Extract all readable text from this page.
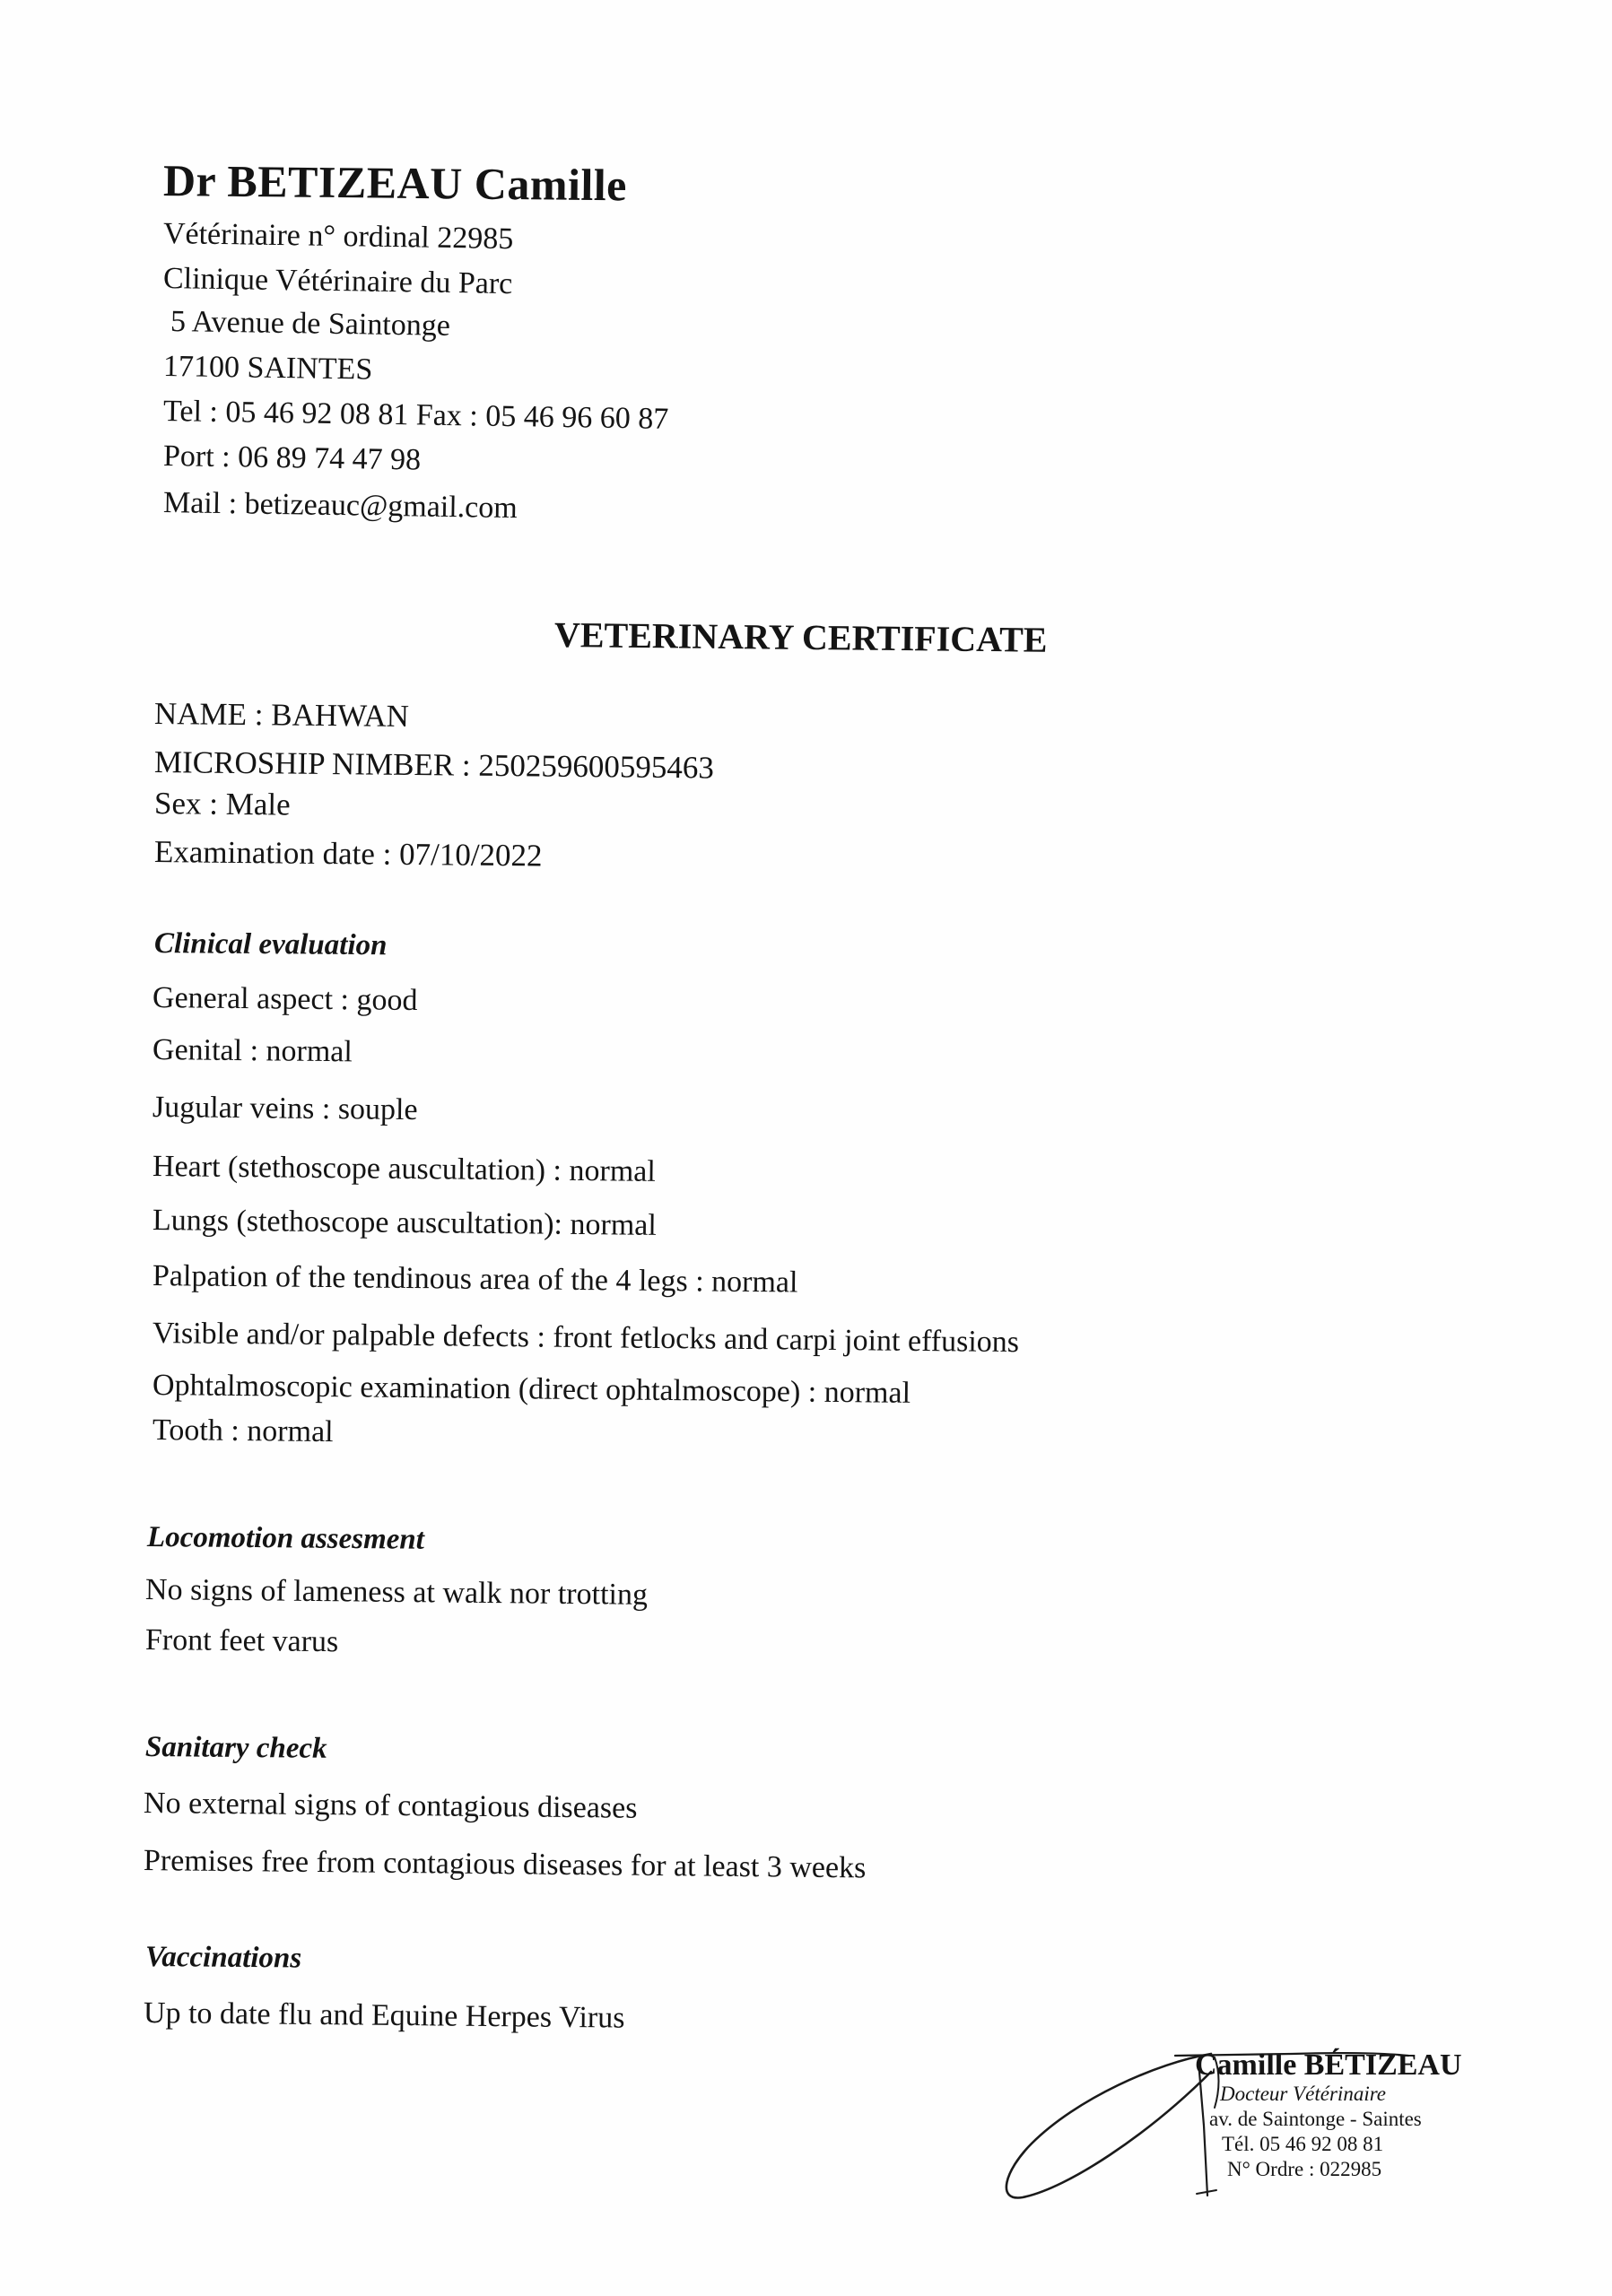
Dr BETIZEAU Camille
Vétérinaire n° ordinal 22985
Clinique Vétérinaire du Parc
5 Avenue de Saintonge
17100 SAINTES
Tel : 05 46 92 08 81 Fax : 05 46 96 60 87
Port : 06 89 74 47 98
Mail : betizeauc@gmail.com
VETERINARY CERTIFICATE
NAME : BAHWAN
MICROSHIP NIMBER : 250259600595463
Sex : Male
Examination date : 07/10/2022
Clinical evaluation
General aspect : good
Genital : normal
Jugular veins : souple
Heart (stethoscope auscultation) : normal
Lungs (stethoscope auscultation): normal
Palpation of the tendinous area of the 4 legs : normal
Visible and/or palpable defects : front fetlocks and carpi joint effusions
Ophtalmoscopic examination (direct ophtalmoscope) : normal
Tooth : normal
Locomotion assesment
No signs of lameness at walk nor trotting
Front feet varus
Sanitary check
No external signs of contagious diseases
Premises free from contagious diseases for at least 3 weeks
Vaccinations
Up to date flu and Equine Herpes Virus
Camille BÉTIZEAU
Docteur Vétérinaire
av. de Saintonge - Saintes
Tél. 05 46 92 08 81
N° Ordre : 022985
